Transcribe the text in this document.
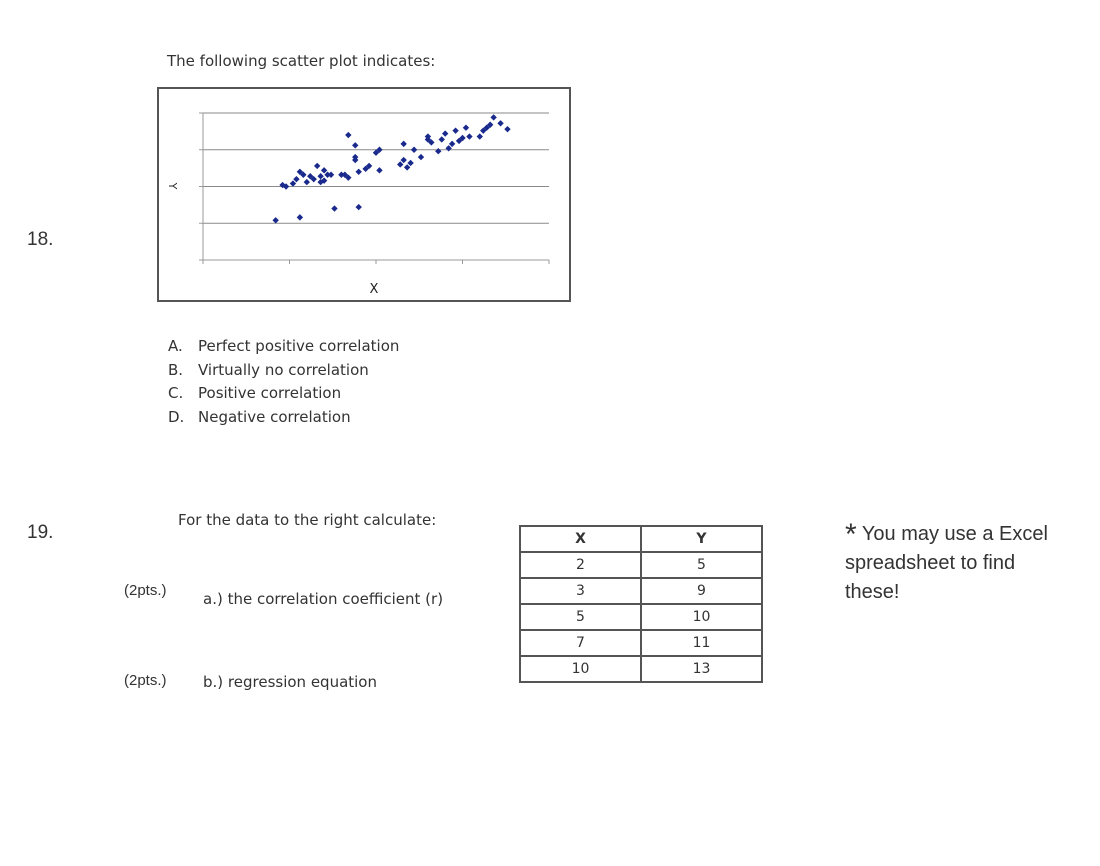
18.
The following scatter plot indicates:
X
Y
A. Perfect positive correlation
B. Virtually no correlation
C. Positive correlation
D. Negative correlation
19.
For the data to the right calculate:
(2pts.) a.) the correlation coefficient (r)
(2pts.) b.) regression equation
X	Y
2	5
3	9
5	10
7	11
10	13
* You may use a Excel spreadsheet to find these!
